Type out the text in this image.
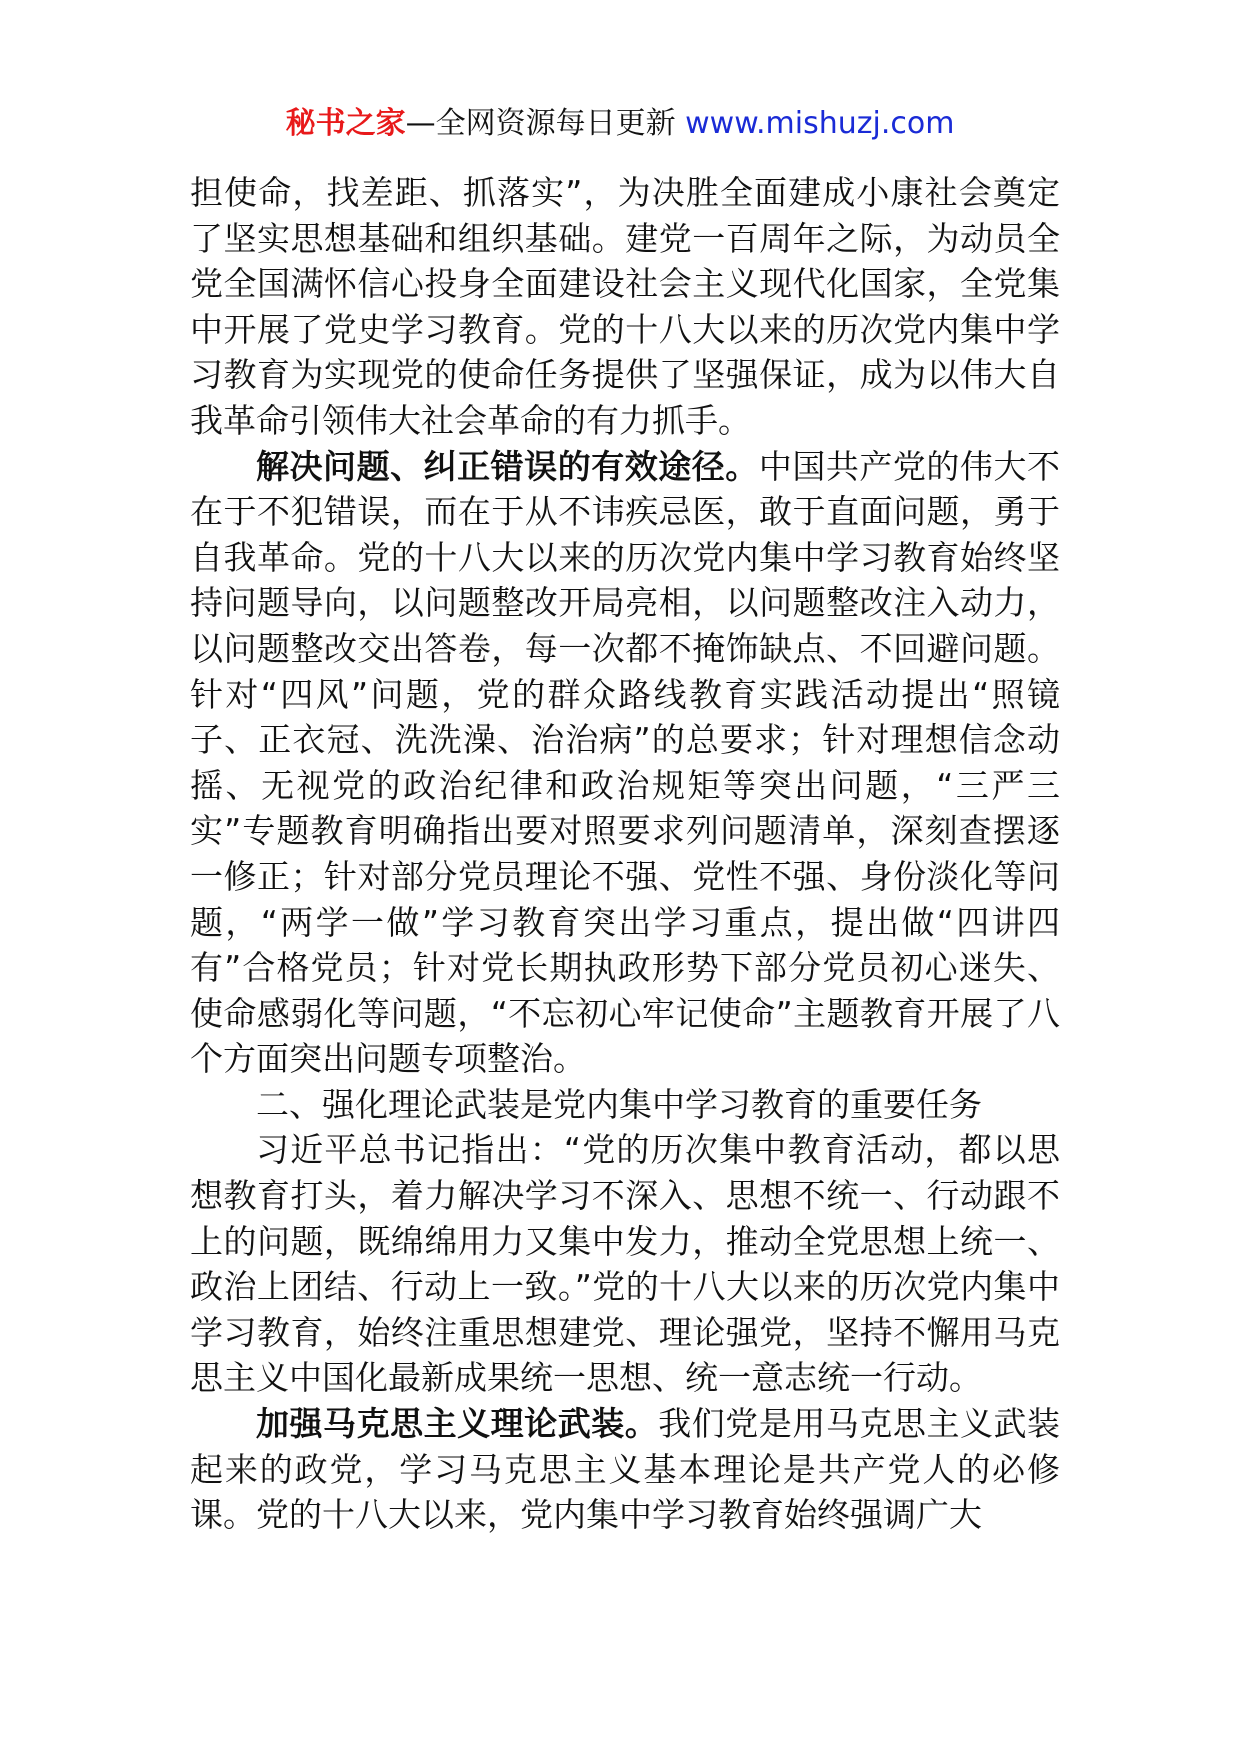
秘书之家—全网资源每日更新 www.mishuzj.com

担使命，找差距、抓落实”，为决胜全面建成小康社会奠定了坚实思想基础和组织基础。建党一百周年之际，为动员全党全国满怀信心投身全面建设社会主义现代化国家，全党集中开展了党史学习教育。党的十八大以来的历次党内集中学习教育为实现党的使命任务提供了坚强保证，成为以伟大自我革命引领伟大社会革命的有力抓手。

解决问题、纠正错误的有效途径。中国共产党的伟大不在于不犯错误，而在于从不讳疾忌医，敢于直面问题，勇于自我革命。党的十八大以来的历次党内集中学习教育始终坚持问题导向，以问题整改开局亮相，以问题整改注入动力，以问题整改交出答卷，每一次都不掩饰缺点、不回避问题。针对“四风”问题，党的群众路线教育实践活动提出“照镜子、正衣冠、洗洗澡、治治病”的总要求；针对理想信念动摇、无视党的政治纪律和政治规矩等突出问题，“三严三实”专题教育明确指出要对照要求列问题清单，深刻查摆逐一修正；针对部分党员理论不强、党性不强、身份淡化等问题，“两学一做”学习教育突出学习重点，提出做“四讲四有”合格党员；针对党长期执政形势下部分党员初心迷失、使命感弱化等问题，“不忘初心牢记使命”主题教育开展了八个方面突出问题专项整治。

二、强化理论武装是党内集中学习教育的重要任务

习近平总书记指出：“党的历次集中教育活动，都以思想教育打头，着力解决学习不深入、思想不统一、行动跟不上的问题，既绵绵用力又集中发力，推动全党思想上统一、政治上团结、行动上一致。”党的十八大以来的历次党内集中学习教育，始终注重思想建党、理论强党，坚持不懈用马克思主义中国化最新成果统一思想、统一意志统一行动。

加强马克思主义理论武装。我们党是用马克思主义武装起来的政党，学习马克思主义基本理论是共产党人的必修课。党的十八大以来，党内集中学习教育始终强调广大
